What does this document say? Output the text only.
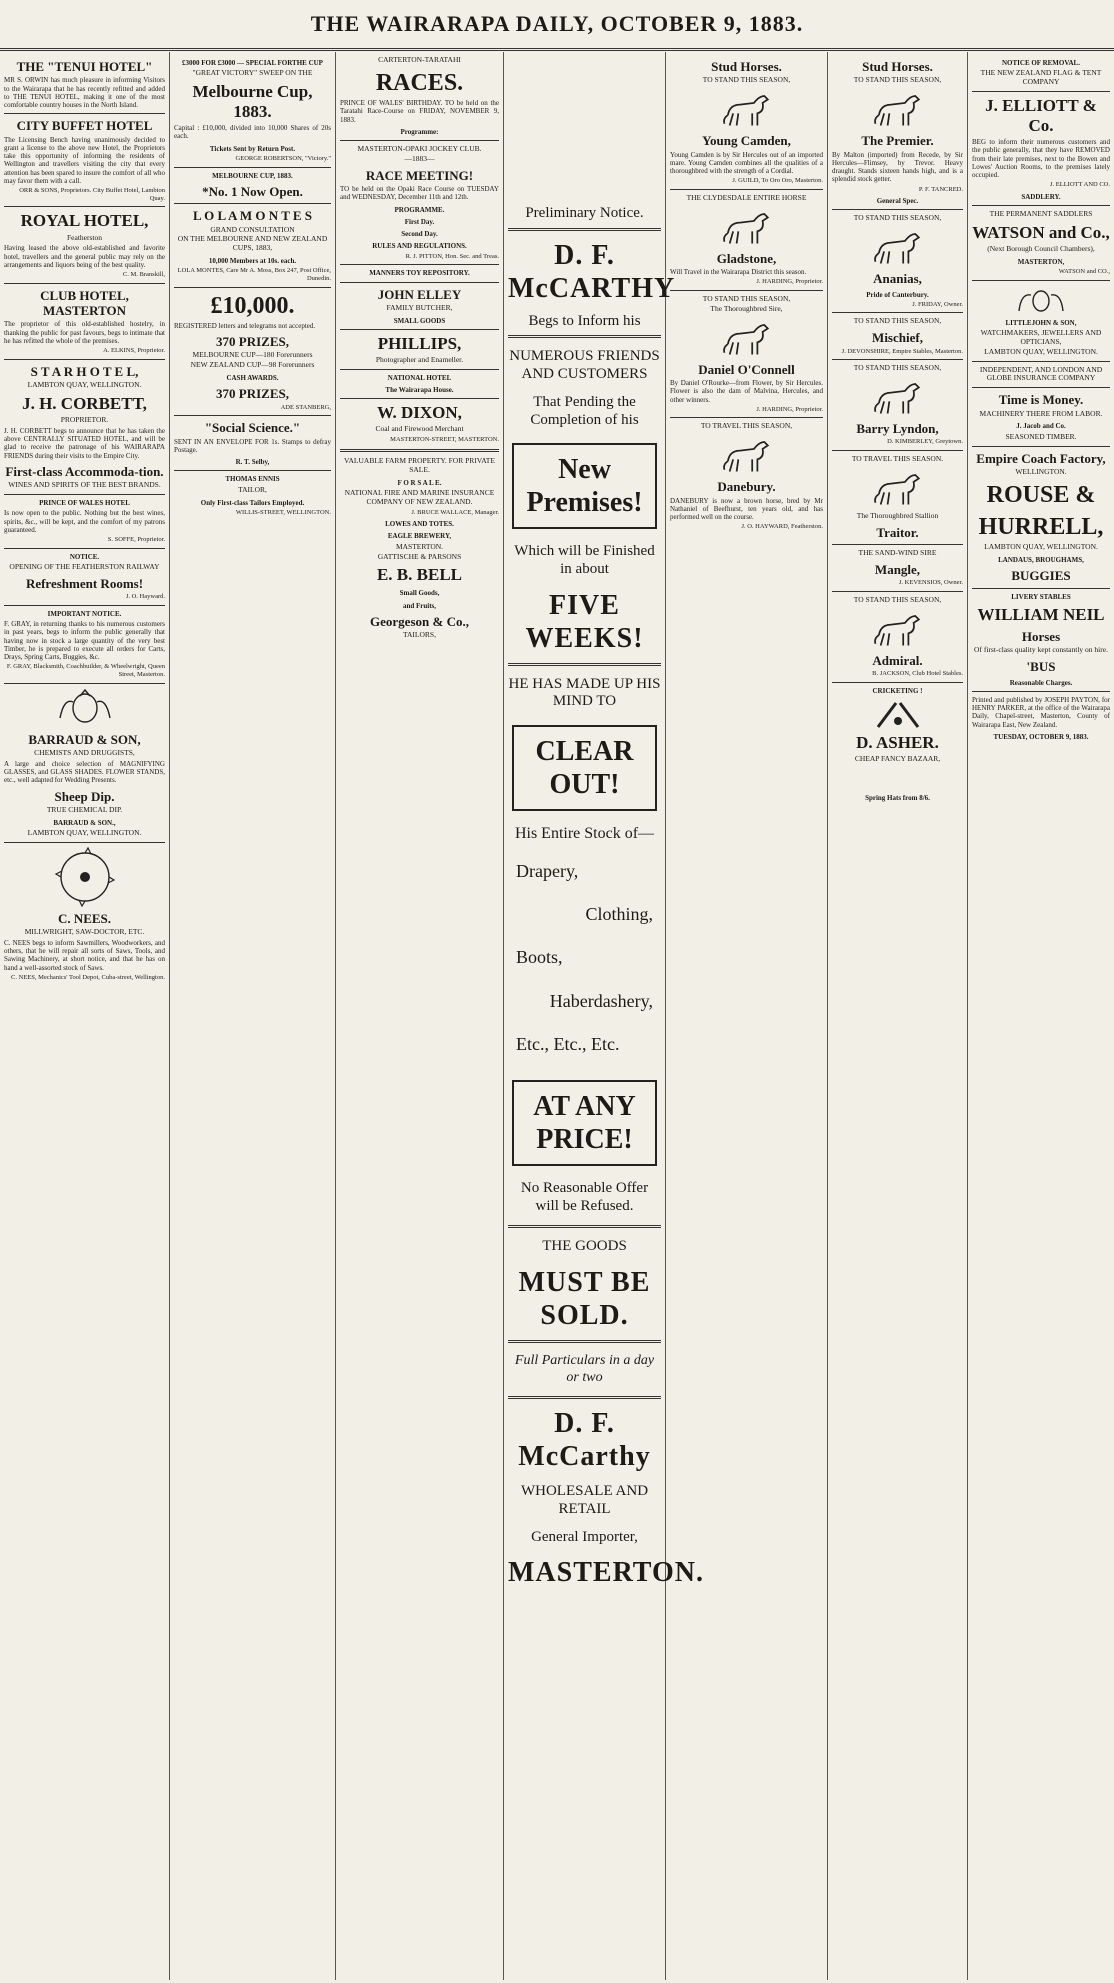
THE WAIRARAPA DAILY, OCTOBER 9, 1883.
THE "TENUI HOTEL"
MR S. ORWIN has much pleasure in informing Visitors to the Wairarapa that he has recently refitted and added to THE TENUI HOTEL, making it one of the most comfortable country houses in the North Island.
CITY BUFFET HOTEL
The Licensing Bench having unanimously decided to grant a license to the above new Hotel, the Proprietors take this opportunity of informing the residents of Wellington and travellers visiting the city that every attention has been spared to insure the comfort of all who may favor them with a call.
ORR & SONS, Proprietors. City Buffet Hotel, Lambton Quay.
ROYAL HOTEL,
Featherston
Having leased the above old-established and favorite hotel, travellers and the general public may rely on the arrangements and liquors being of the best quality.
C. M. Branskill,
CLUB HOTEL, MASTERTON
The proprietor of this old-established hostelry, in thanking the public for past favours, begs to intimate that he has refitted the whole of the premises.
A. ELKINS, Proprietor.
S T A R H O T E L,
LAMBTON QUAY, WELLINGTON.
J. H. CORBETT,
PROPRIETOR.
J. H. CORBETT begs to announce that he has taken the above CENTRALLY SITUATED HOTEL, and will be glad to receive the patronage of his WAIRARAPA FRIENDS during their visits to the Empire City.
First-class Accommoda-tion.
WINES AND SPIRITS OF THE BEST BRANDS.
PRINCE OF WALES HOTEL
Is now open to the public. Nothing but the best wines, spirits, &c., will be kept, and the comfort of my patrons guaranteed.
S. SOFFE, Proprietor.
NOTICE.
OPENING OF THE FEATHERSTON RAILWAY
Refreshment Rooms!
J. O. Hayward.
IMPORTANT NOTICE.
F. GRAY, in returning thanks to his numerous customers in past years, begs to inform the public generally that having now in stock a large quantity of the very best Timber, he is prepared to execute all orders for Carts, Drays, Spring Carts, Buggies, &c.
F. GRAY, Blacksmith, Coachbuilder, & Wheelwright, Queen Street, Masterton.
BARRAUD & SON,
CHEMISTS AND DRUGGISTS,
A large and choice selection of MAGNIFYING GLASSES, and GLASS SHADES. FLOWER STANDS, etc., well adapted for Wedding Presents.
Sheep Dip.
TRUE CHEMICAL DIP.
BARRAUD & SON.,
LAMBTON QUAY, WELLINGTON.
C. NEES.
MILLWRIGHT, SAW-DOCTOR, ETC.
C. NEES begs to inform Sawmillers, Woodworkers, and others, that he will repair all sorts of Saws, Tools, and Sawing Machinery, at short notice, and that he has on hand a well-assorted stock of Saws.
C. NEES, Mechanics' Tool Depot, Cuba-street, Wellington.
£3000 FOR £3000 — SPECIAL FORTHE CUP
"GREAT VICTORY" SWEEP ON THE
Melbourne Cup, 1883.
Capital : £10,000, divided into 10,000 Shares of 20s each.
Tickets Sent by Return Post.
GEORGE ROBERTSON, "Victory."
MELBOURNE CUP, 1883.
*No. 1 Now Open.
L O L A M O N T E S
GRAND CONSULTATION
ON THE MELBOURNE AND NEW ZEALAND CUPS, 1883,
10,000 Members at 10s. each.
LOLA MONTES, Care Mr A. Moss, Box 247, Post Office, Dunedin.
£10,000.
REGISTERED letters and telegrams not accepted.
370 PRIZES,
MELBOURNE CUP—180 Forerunners
NEW ZEALAND CUP—98 Forerunners
CASH AWARDS.
370 PRIZES,
ADE STANBERG,
"Social Science."
SENT IN AN ENVELOPE FOR 1s. Stamps to defray Postage.
R. T. Selby,
THOMAS ENNIS
TAILOR,
Only First-class Tailors Employed.
WILLIS-STREET, WELLINGTON.
CARTERTON-TARATAHI
RACES.
PRINCE OF WALES' BIRTHDAY. TO be held on the Taratahi Race-Course on FRIDAY, NOVEMBER 9, 1883.
Programme:
MASTERTON-OPAKI JOCKEY CLUB.
—1883—
RACE MEETING!
TO be held on the Opaki Race Course on TUESDAY and WEDNESDAY, December 11th and 12th.
PROGRAMME.
First Day.
Second Day.
RULES AND REGULATIONS.
R. J. PITTON, Hon. Sec. and Treas.
MANNERS TOY REPOSITORY.
JOHN ELLEY
FAMILY BUTCHER,
SMALL GOODS
PHILLIPS,
Photographer and Enameller.
NATIONAL HOTEL
The Wairarapa House.
W. DIXON,
Coal and Firewood Merchant
MASTERTON-STREET, MASTERTON.
VALUABLE FARM PROPERTY. FOR PRIVATE SALE.
F O R S A L E.
NATIONAL FIRE AND MARINE INSURANCE COMPANY OF NEW ZEALAND.
J. BRUCE WALLACE, Manager.
LOWES AND TOTES.
EAGLE BREWERY,
MASTERTON.
GATTISCHE & PARSONS
E. B. BELL
Small Goods,
and Fruits,
Georgeson & Co.,
TAILORS,
Preliminary Notice.
D. F. McCARTHY
Begs to Inform his
NUMEROUS FRIENDS AND CUSTOMERS
That Pending the Completion of his
New Premises!
Which will be Finished in about
FIVE WEEKS!
HE HAS MADE UP HIS MIND TO
CLEAR OUT!
His Entire Stock of—
Drapery,
Clothing,
Boots,
Haberdashery,
Etc., Etc., Etc.
AT ANY PRICE!
No Reasonable Offer will be Refused.
THE GOODS
MUST BE SOLD.
Full Particulars in a day or two
D. F. McCarthy
WHOLESALE AND RETAIL
General Importer,
MASTERTON.
Stud Horses.
TO STAND THIS SEASON,
Young Camden,
Young Camden is by Sir Hercules out of an imported mare. Young Camden combines all the qualities of a thoroughbred with the strength of a Cordial.
J. GUILD, To Oro Oro, Masterton.
THE CLYDESDALE ENTIRE HORSE
Gladstone,
Will Travel in the Wairarapa District this season.
J. HARDING, Proprietor.
TO STAND THIS SEASON,
The Thoroughbred Sire,
Daniel O'Connell
By Daniel O'Rourke—from Flower, by Sir Hercules. Flower is also the dam of Malvina, Hercules, and other winners.
J. HARDING, Proprietor.
TO TRAVEL THIS SEASON,
Danebury.
DANEBURY is now a brown horse, bred by Mr Nathaniel of Beefhurst, ten years old, and has performed well on the course.
J. O. HAYWARD, Featherston.
Stud Horses.
TO STAND THIS SEASON,
The Premier.
By Malton (imported) from Recede, by Sir Hercules—Flimsey, by Trevor. Heavy draught. Stands sixteen hands high, and is a splendid stock getter.
P. F. TANCRED.
General Spec.
TO STAND THIS SEASON,
Ananias,
Pride of Canterbury.
J. FRIDAY, Owner.
TO STAND THIS SEASON,
Mischief,
J. DEVONSHIRE, Empire Stables, Masterton.
TO STAND THIS SEASON,
Barry Lyndon,
D. KIMBERLEY, Greytown.
TO TRAVEL THIS SEASON.
The Thoroughbred Stallion
Traitor.
THE SAND-WIND SIRE
Mangle,
J. KEVENSIOS, Owner.
TO STAND THIS SEASON,
Admiral.
B. JACKSON, Club Hotel Stables.
CRICKETING !
D. ASHER.
CHEAP FANCY BAZAAR,
Spring Hats from 8/6.
NOTICE OF REMOVAL.
THE NEW ZEALAND FLAG & TENT COMPANY
J. ELLIOTT & Co.
BEG to inform their numerous customers and the public generally, that they have REMOVED from their late premises, next to the Bowen and Lowes' Auction Rooms, to the premises lately occupied.
J. ELLIOTT AND CO.
SADDLERY.
THE PERMANENT SADDLERS
WATSON and Co.,
(Next Borough Council Chambers),
MASTERTON,
WATSON and CO.,
LITTLEJOHN & SON,
WATCHMAKERS, JEWELLERS AND OPTICIANS,
LAMBTON QUAY, WELLINGTON.
INDEPENDENT, AND LONDON AND GLOBE INSURANCE COMPANY
Time is Money.
MACHINERY THERE FROM LABOR.
J. Jacob and Co.
SEASONED TIMBER.
Empire Coach Factory,
WELLINGTON.
ROUSE &
HURRELL,
LAMBTON QUAY, WELLINGTON.
LANDAUS, BROUGHAMS,
BUGGIES
LIVERY STABLES
WILLIAM NEIL
Horses
Of first-class quality kept constantly on hire.
'BUS
Reasonable Charges.
Printed and published by JOSEPH PAYTON, for HENRY PARKER, at the office of the Wairarapa Daily, Chapel-street, Masterton, County of Wairarapa East, New Zealand.
TUESDAY, OCTOBER 9, 1883.
